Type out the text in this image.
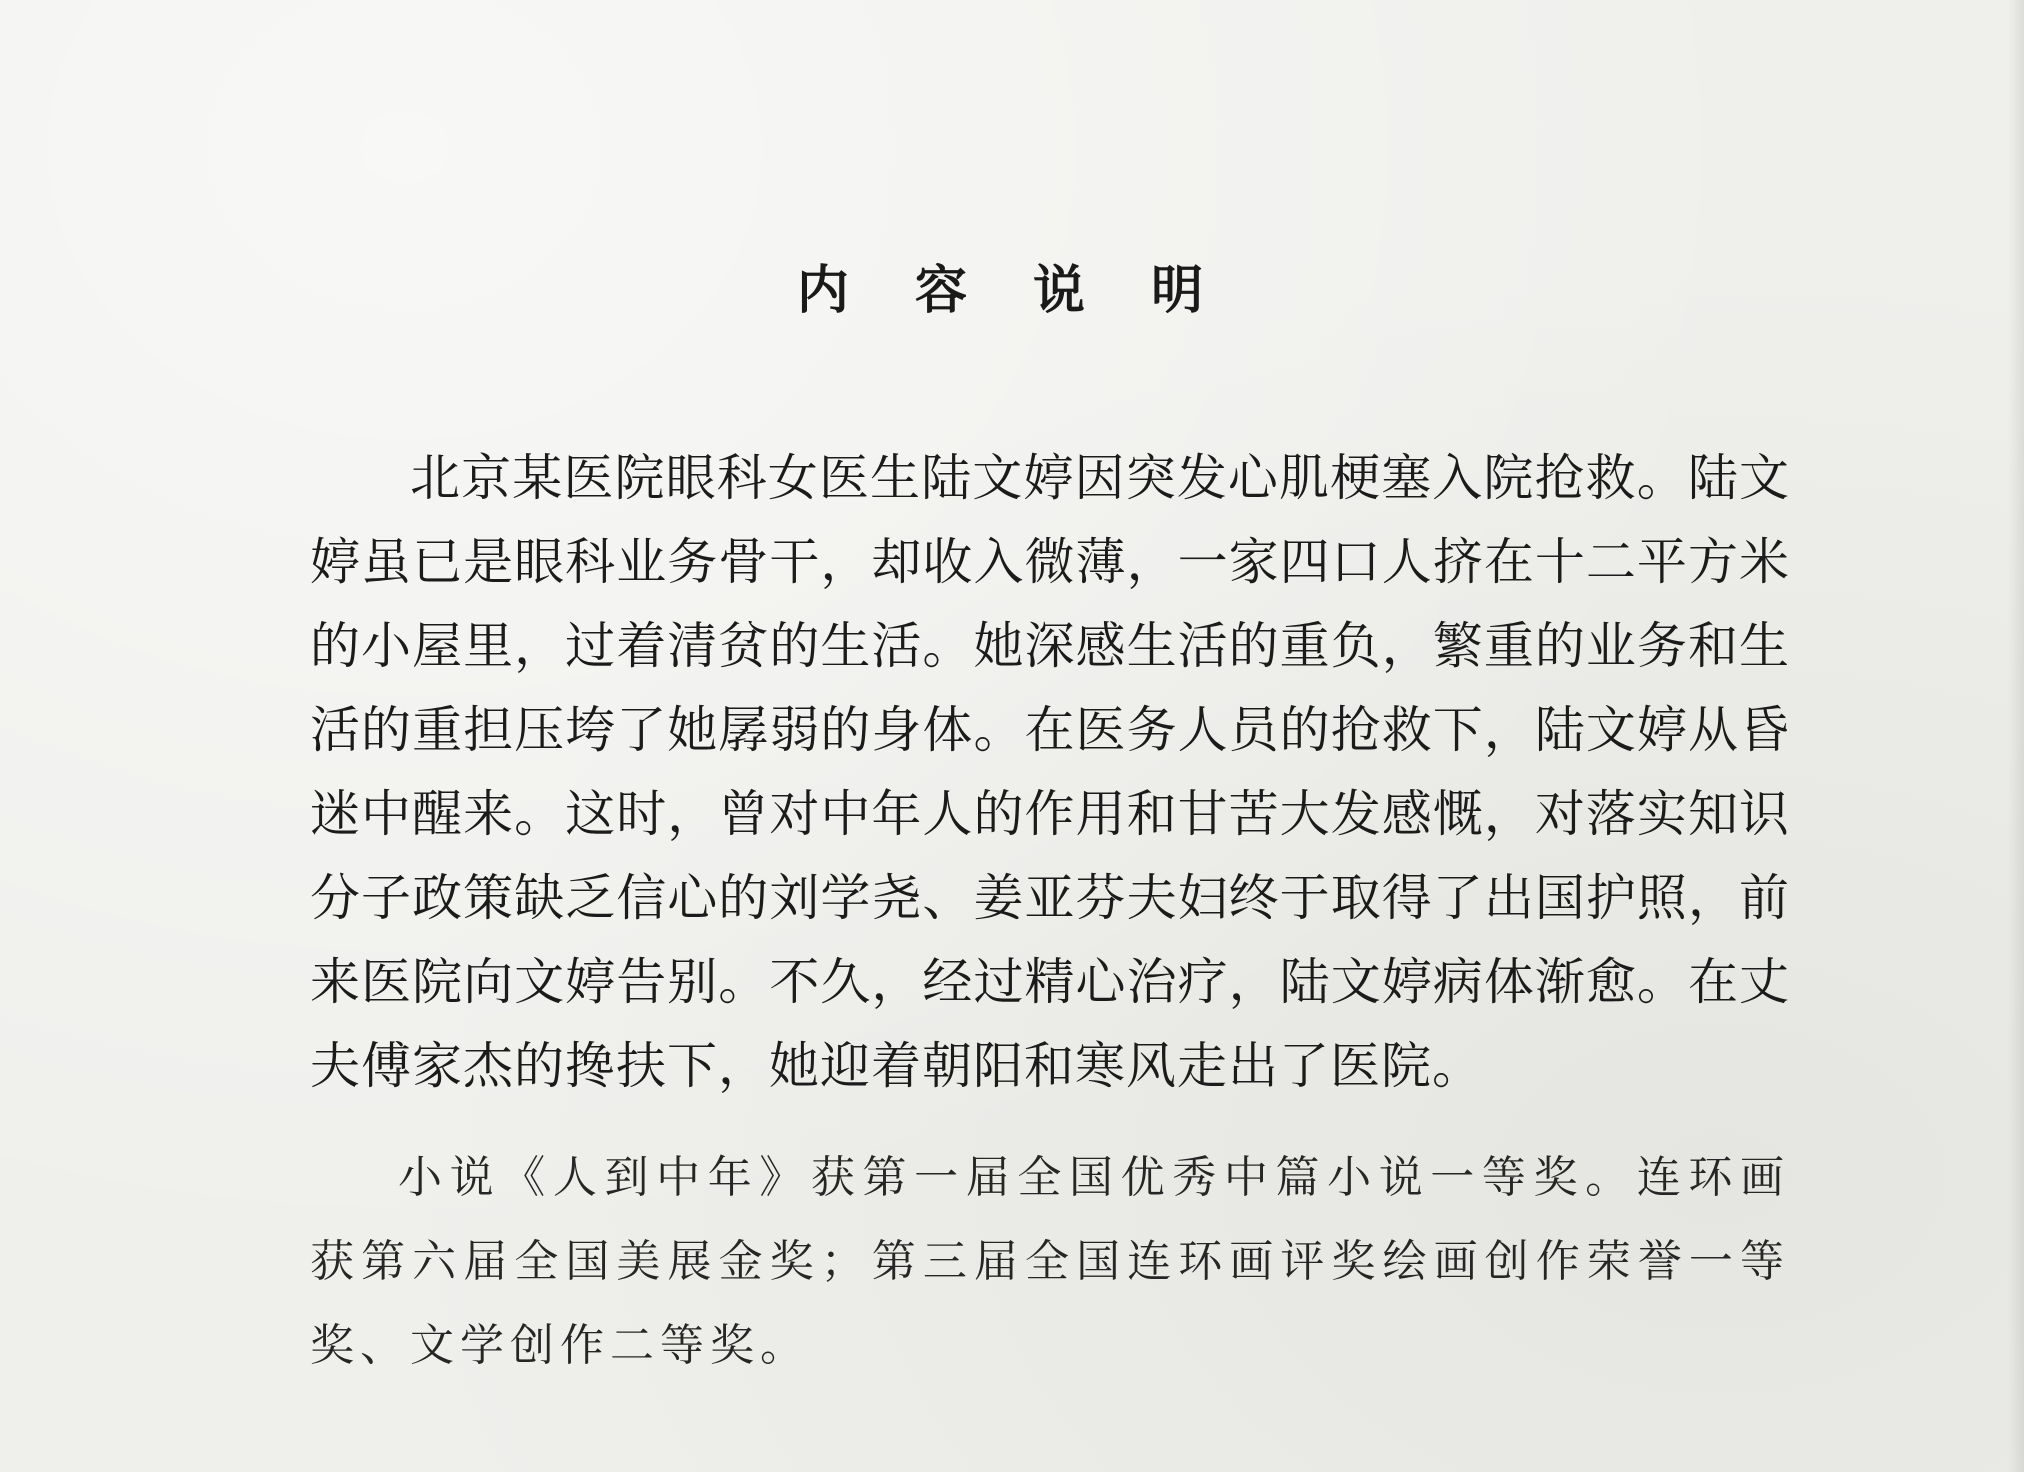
内 容 说 明

北京某医院眼科女医生陆文婷因突发心肌梗塞入院抢救。陆文婷虽已是眼科业务骨干，却收入微薄，一家四口人挤在十二平方米的小屋里，过着清贫的生活。她深感生活的重负，繁重的业务和生活的重担压垮了她孱弱的身体。在医务人员的抢救下，陆文婷从昏迷中醒来。这时，曾对中年人的作用和甘苦大发感慨，对落实知识分子政策缺乏信心的刘学尧、姜亚芬夫妇终于取得了出国护照，前来医院向文婷告别。不久，经过精心治疗，陆文婷病体渐愈。在丈夫傅家杰的搀扶下，她迎着朝阳和寒风走出了医院。

小说《人到中年》获第一届全国优秀中篇小说一等奖。连环画获第六届全国美展金奖；第三届全国连环画评奖绘画创作荣誉一等奖、文学创作二等奖。
